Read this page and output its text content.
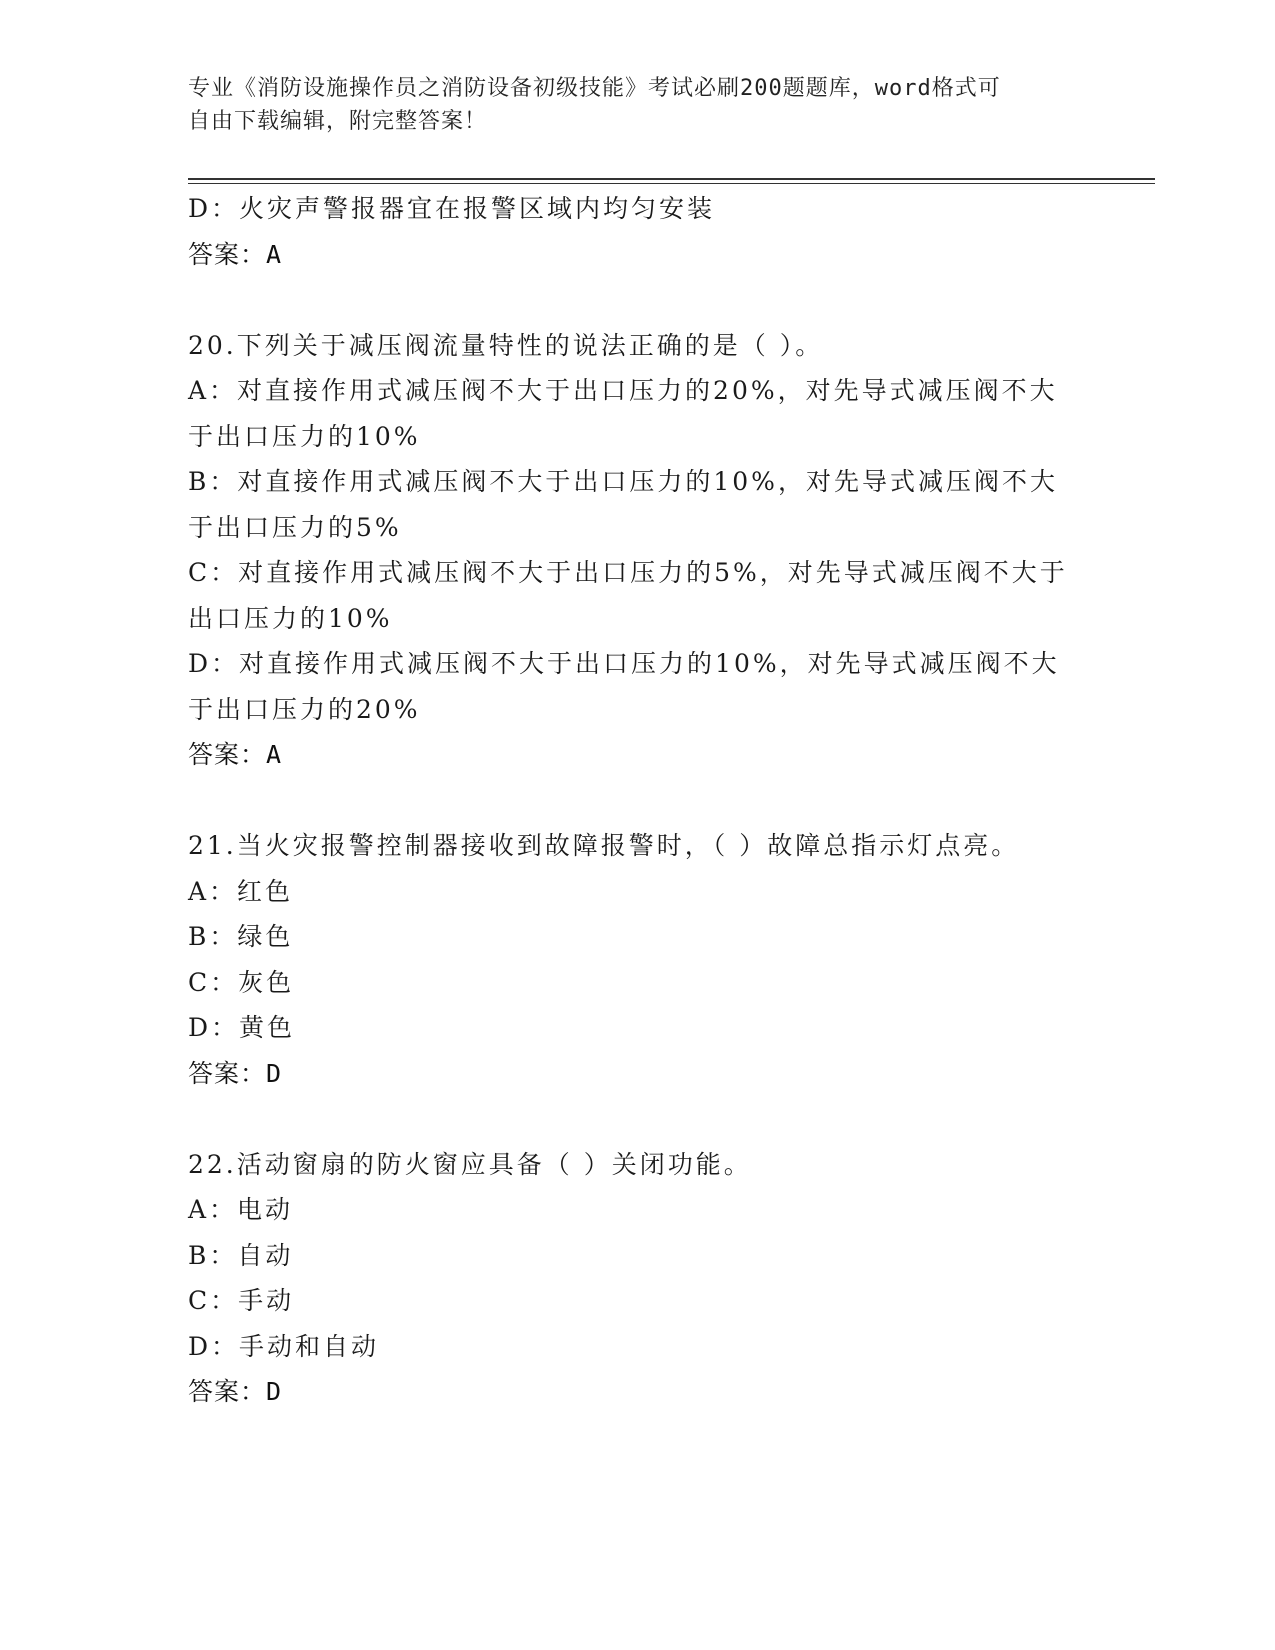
专业《消防设施操作员之消防设备初级技能》考试必刷200题题库，word格式可
自由下载编辑，附完整答案！
D：火灾声警报器宜在报警区域内均匀安装
答案：A
20.下列关于减压阀流量特性的说法正确的是（ ）。
A：对直接作用式减压阀不大于出口压力的20%，对先导式减压阀不大
于出口压力的10%
B：对直接作用式减压阀不大于出口压力的10%，对先导式减压阀不大
于出口压力的5%
C：对直接作用式减压阀不大于出口压力的5%，对先导式减压阀不大于
出口压力的10%
D：对直接作用式减压阀不大于出口压力的10%，对先导式减压阀不大
于出口压力的20%
答案：A
21.当火灾报警控制器接收到故障报警时，（ ）故障总指示灯点亮。
A：红色
B：绿色
C：灰色
D：黄色
答案：D
22.活动窗扇的防火窗应具备（ ）关闭功能。
A：电动
B：自动
C：手动
D：手动和自动
答案：D
